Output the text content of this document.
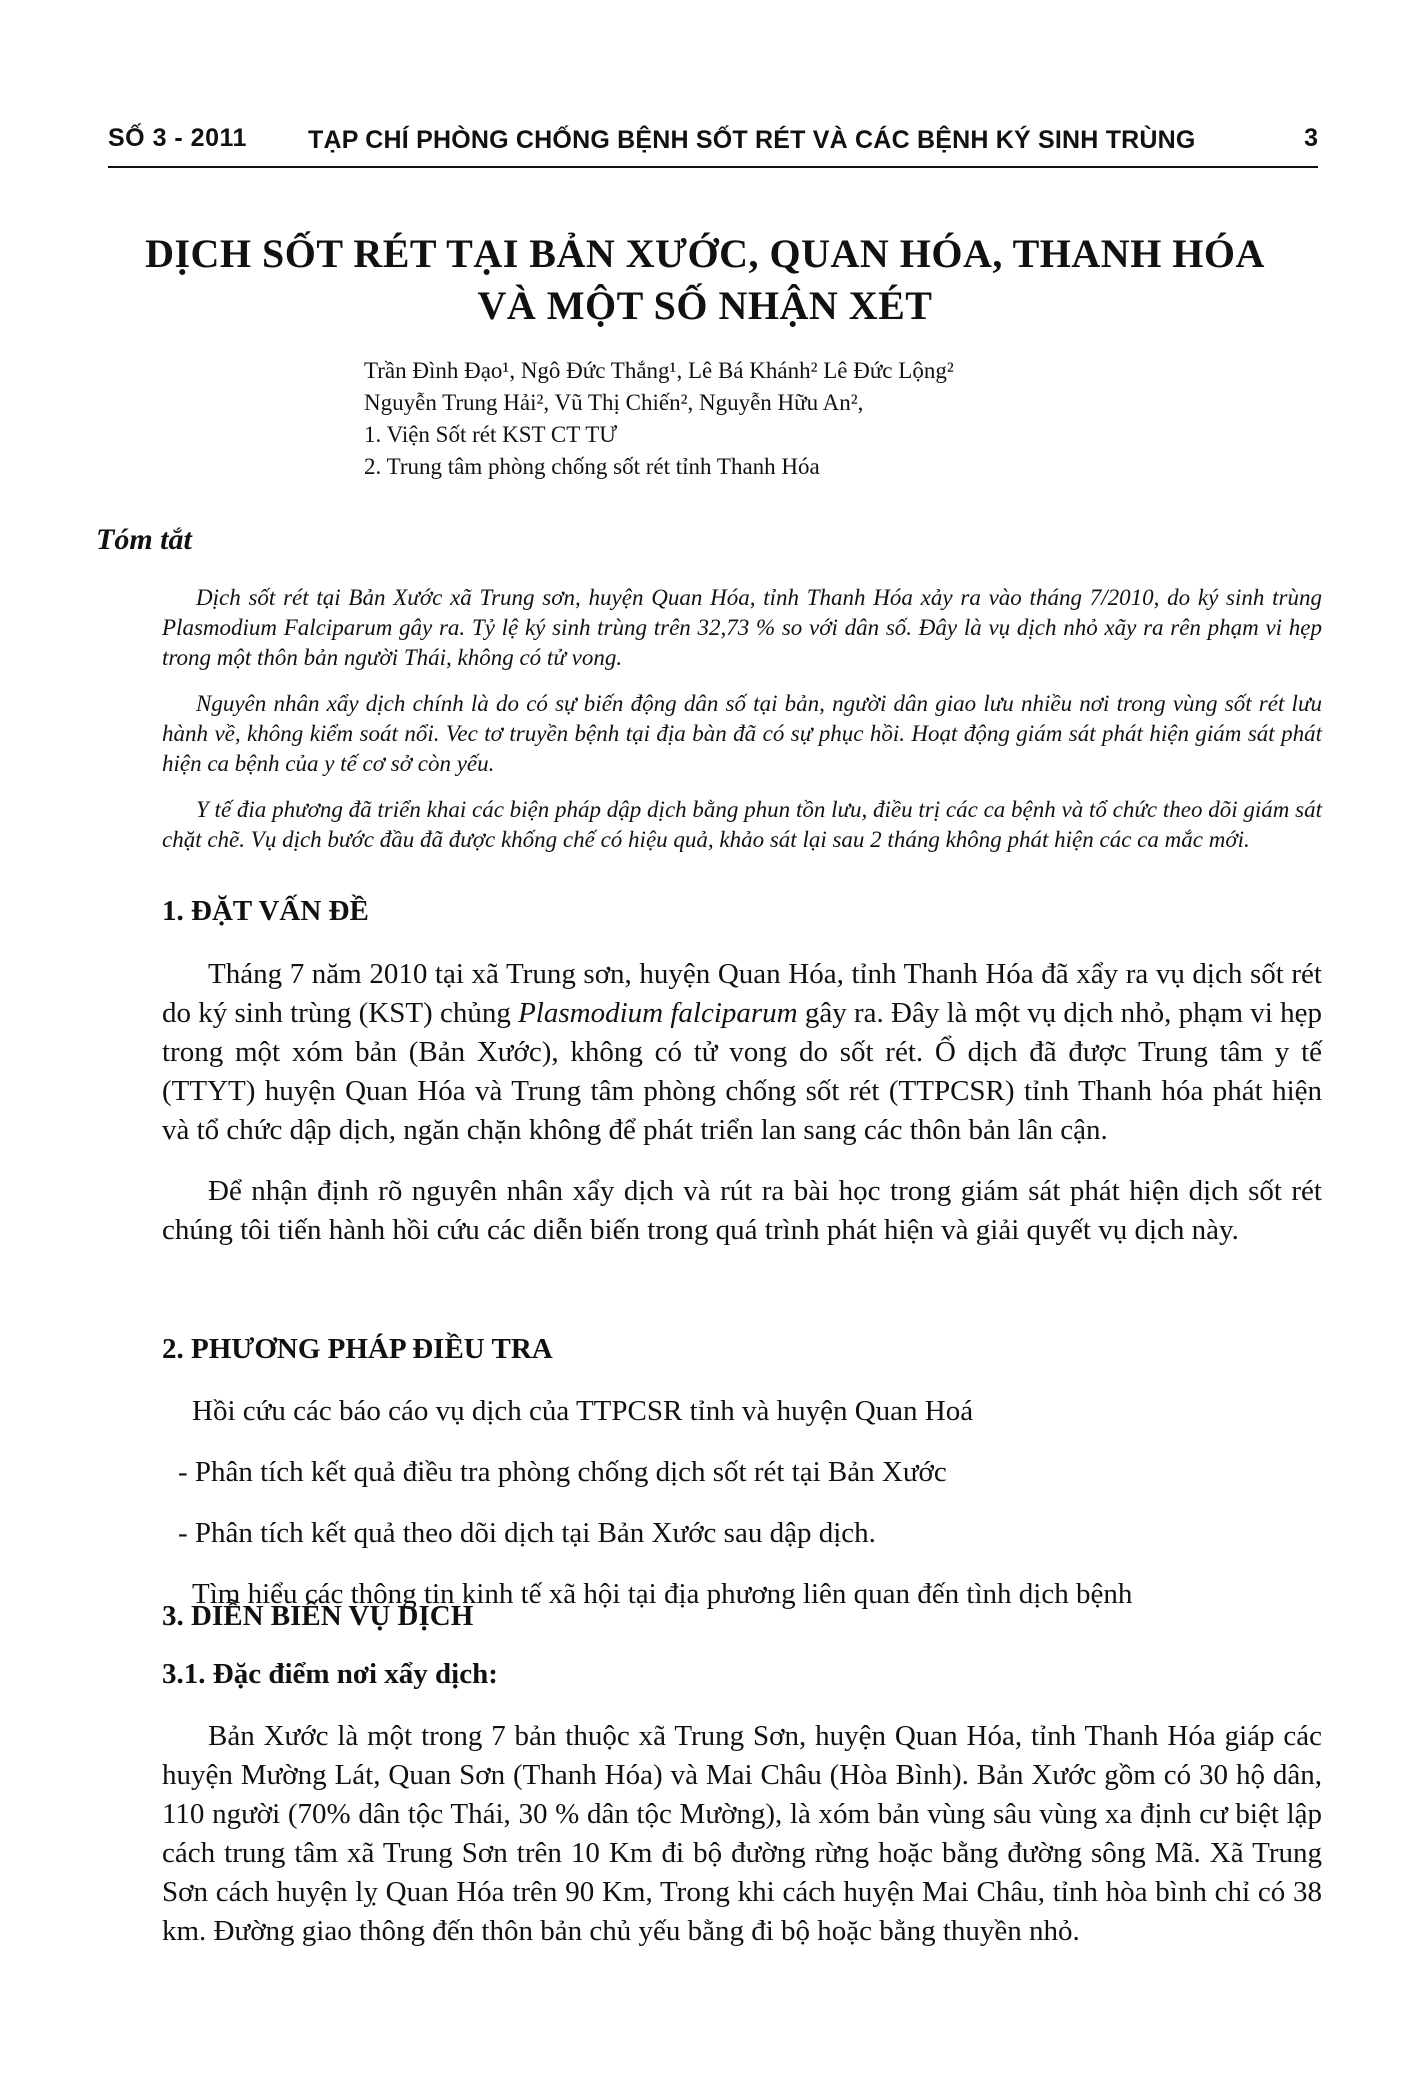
SỐ 3 - 2011 TẠP CHÍ PHÒNG CHỐNG BỆNH SỐT RÉT VÀ CÁC BỆNH KÝ SINH TRÙNG	3
DỊCH SỐT RÉT TẠI BẢN XƯỚC, QUAN HÓA, THANH HÓA
VÀ MỘT SỐ NHẬN XÉT
Trần Đình Đạo¹, Ngô Đức Thắng¹, Lê Bá Khánh² Lê Đức Lộng²
Nguyễn Trung Hải², Vũ Thị Chiến², Nguyễn Hữu An²,
1. Viện Sốt rét KST CT TƯ
2. Trung tâm phòng chống sốt rét tỉnh Thanh Hóa
Tóm tắt

Dịch sốt rét tại Bản Xước xã Trung sơn, huyện Quan Hóa, tỉnh Thanh Hóa xảy ra vào tháng 7/2010, do ký sinh trùng Plasmodium Falciparum gây ra. Tỷ lệ ký sinh trùng trên 32,73 % so với dân số. Đây là vụ dịch nhỏ xãy ra rên phạm vi hẹp trong một thôn bản người Thái, không có tử vong.

Nguyên nhân xẩy dịch chính là do có sự biến động dân số tại bản, người dân giao lưu nhiều nơi trong vùng sốt rét lưu hành về, không kiểm soát nổi. Vec tơ truyền bệnh tại địa bàn đã có sự phục hồi. Hoạt động giám sát phát hiện giám sát phát hiện ca bệnh của y tế cơ sở còn yếu.

Y tế đia phương đã triển khai các biện pháp dập dịch bằng phun tồn lưu, điều trị các ca bệnh và tổ chức theo dõi giám sát chặt chẽ. Vụ dịch bước đầu đã được khống chế có hiệu quả, khảo sát lại sau 2 tháng không phát hiện các ca mắc mới.

1. ĐẶT VẤN ĐỀ

Tháng 7 năm 2010 tại xã Trung sơn, huyện Quan Hóa, tỉnh Thanh Hóa đã xẩy ra vụ dịch sốt rét do ký sinh trùng (KST) chủng Plasmodium falciparum gây ra. Đây là một vụ dịch nhỏ, phạm vi hẹp trong một xóm bản (Bản Xước), không có tử vong do sốt rét. Ổ dịch đã được Trung tâm y tế (TTYT) huyện Quan Hóa và Trung tâm phòng chống sốt rét (TTPCSR) tỉnh Thanh hóa phát hiện và tổ chức dập dịch, ngăn chặn không để phát triển lan sang các thôn bản lân cận.

Để nhận định rõ nguyên nhân xẩy dịch và rút ra bài học trong giám sát phát hiện dịch sốt rét chúng tôi tiến hành hồi cứu các diễn biến trong quá trình phát hiện và giải quyết vụ dịch này.

2. PHƯƠNG PHÁP ĐIỀU TRA
Hồi cứu các báo cáo vụ dịch của TTPCSR tỉnh và huyện Quan Hoá
- Phân tích kết quả điều tra phòng chống dịch sốt rét tại Bản Xước
- Phân tích kết quả theo dõi dịch tại Bản Xước sau dập dịch.
Tìm hiểu các thông tin kinh tế xã hội tại địa phương liên quan đến tình dịch bệnh
3. DIỄN BIẾN VỤ DỊCH
3.1. Đặc điểm nơi xẩy dịch:

Bản Xước là một trong 7 bản thuộc xã Trung Sơn, huyện Quan Hóa, tỉnh Thanh Hóa giáp các huyện Mường Lát, Quan Sơn (Thanh Hóa) và Mai Châu (Hòa Bình). Bản Xước gồm có 30 hộ dân, 110 người (70% dân tộc Thái, 30 % dân tộc Mường), là xóm bản vùng sâu vùng xa định cư biệt lập cách trung tâm xã Trung Sơn trên 10 Km đi bộ đường rừng hoặc bằng đường sông Mã. Xã Trung Sơn cách huyện lỵ Quan Hóa trên 90 Km, Trong khi cách huyện Mai Châu, tỉnh hòa bình chỉ có 38 km. Đường giao thông đến thôn bản chủ yếu bằng đi bộ hoặc bằng thuyền nhỏ.
